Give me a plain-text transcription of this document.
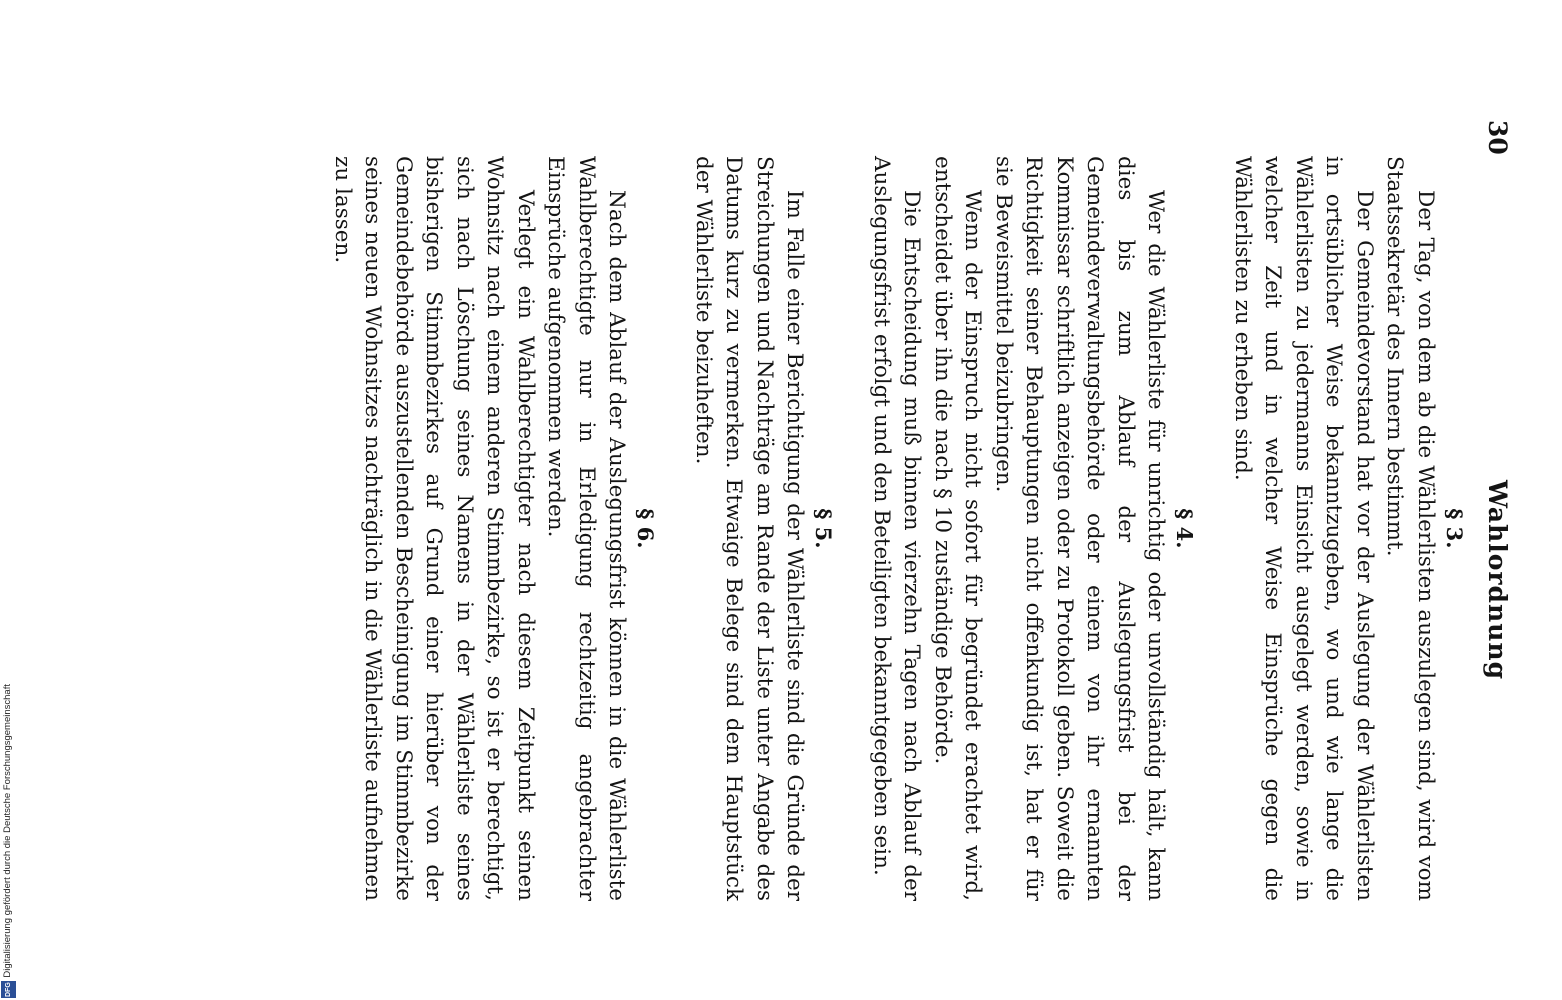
30
Wahlordnung
§ 3.

Der Tag, von dem ab die Wählerlisten auszulegen sind, wird vom Staatssekretär des Innern bestimmt.

Der Gemeindevorstand hat vor der Auslegung der Wählerlisten in ortsüblicher Weise bekanntzugeben, wo und wie lange die Wählerlisten zu jedermanns Einsicht ausgelegt werden, sowie in welcher Zeit und in welcher Weise Einsprüche gegen die Wählerlisten zu erheben sind.

§ 4.

Wer die Wählerliste für unrichtig oder unvollständig hält, kann dies bis zum Ablauf der Auslegungsfrist bei der Gemeindeverwaltungsbehörde oder einem von ihr ernannten Kommissar schriftlich anzeigen oder zu Protokoll geben. Soweit die Richtigkeit seiner Behauptungen nicht offenkundig ist, hat er für sie Beweismittel beizubringen.

Wenn der Einspruch nicht sofort für begründet erachtet wird, entscheidet über ihn die nach § 10 zuständige Behörde.

Die Entscheidung muß binnen vierzehn Tagen nach Ablauf der Auslegungsfrist erfolgt und den Beteiligten bekanntgegeben sein.

§ 5.

Im Falle einer Berichtigung der Wählerliste sind die Gründe der Streichungen und Nachträge am Rande der Liste unter Angabe des Datums kurz zu vermerken. Etwaige Belege sind dem Hauptstück der Wählerliste beizuheften.

§ 6.

Nach dem Ablauf der Auslegungsfrist können in die Wählerliste Wahlberechtigte nur in Erledigung rechtzeitig angebrachter Einsprüche aufgenommen werden.

Verlegt ein Wahlberechtigter nach diesem Zeitpunkt seinen Wohnsitz nach einem anderen Stimmbezirke, so ist er berechtigt, sich nach Löschung seines Namens in der Wählerliste seines bisherigen Stimmbezirkes auf Grund einer hierüber von der Gemeindebehörde auszustellenden Bescheinigung im Stimmbezirke seines neuen Wohnsitzes nachträglich in die Wählerliste aufnehmen zu lassen.

Digitalisierung gefördert durch die Deutsche Forschungsgemeinschaft
DFG
